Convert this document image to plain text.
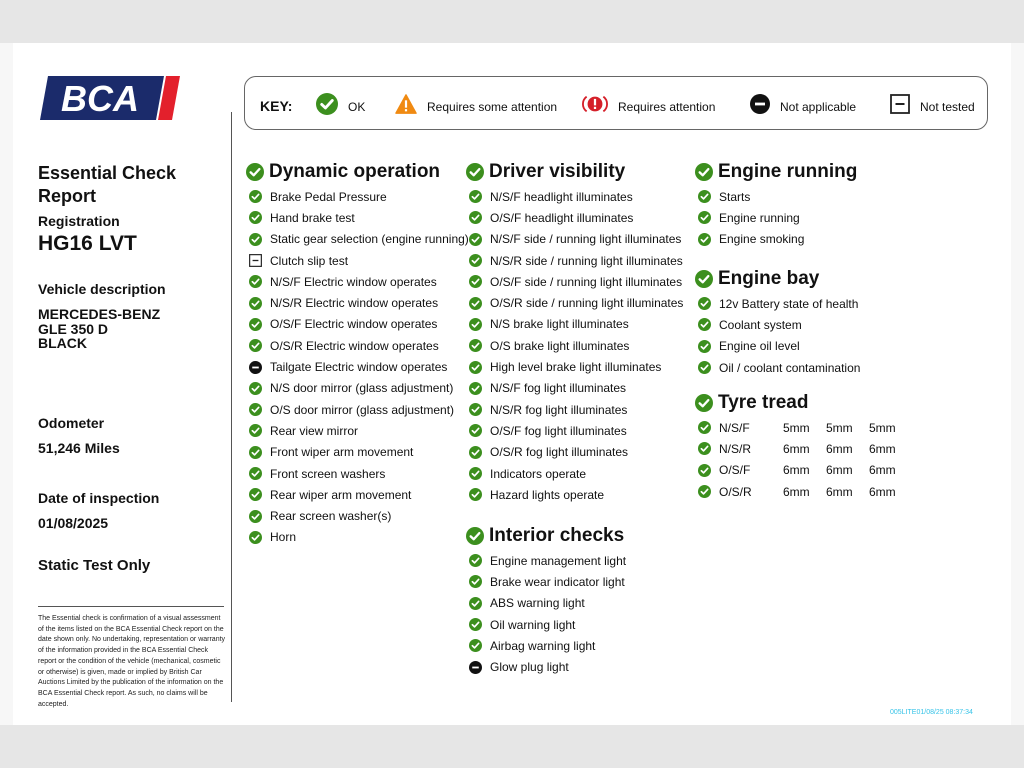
BCA
Essential Check Report
Registration
HG16 LVT
Vehicle description
MERCEDES-BENZ
GLE 350 D
BLACK
Odometer
51,246 Miles
Date of inspection
01/08/2025
Static Test Only
The Essential check is confirmation of a visual assessment of the items listed on the BCA Essential Check report on the date shown only. No undertaking, representation or warranty of the information provided in the BCA Essential Check report or the condition of the vehicle (mechanical, cosmetic or otherwise) is given, made or implied by British Car Auctions Limited by the publication of the information on the BCA Essential Check report. As such, no claims will be accepted.
KEY:	OK	Requires some attention	Requires attention	Not applicable	Not tested
Dynamic operation
Brake Pedal Pressure
Hand brake test
Static gear selection (engine running)
Clutch slip test
N/S/F Electric window operates
N/S/R Electric window operates
O/S/F Electric window operates
O/S/R Electric window operates
Tailgate Electric window operates
N/S door mirror (glass adjustment)
O/S door mirror (glass adjustment)
Rear view mirror
Front wiper arm movement
Front screen washers
Rear wiper arm movement
Rear screen washer(s)
Horn
Driver visibility
N/S/F headlight illuminates
O/S/F headlight illuminates
N/S/F side / running light illuminates
N/S/R side / running light illuminates
O/S/F side / running light illuminates
O/S/R side / running light illuminates
N/S brake light illuminates
O/S brake light illuminates
High level brake light illuminates
N/S/F fog light illuminates
N/S/R fog light illuminates
O/S/F fog light illuminates
O/S/R fog light illuminates
Indicators operate
Hazard lights operate
Interior checks
Engine management light
Brake wear indicator light
ABS warning light
Oil warning light
Airbag warning light
Glow plug light
Engine running
Starts
Engine running
Engine smoking
Engine bay
12v Battery state of health
Coolant system
Engine oil level
Oil / coolant contamination
Tyre tread
N/S/F	5mm	5mm	5mm
N/S/R	6mm	6mm	6mm
O/S/F	6mm	6mm	6mm
O/S/R	6mm	6mm	6mm
005LITE01/08/25 08:37:34
